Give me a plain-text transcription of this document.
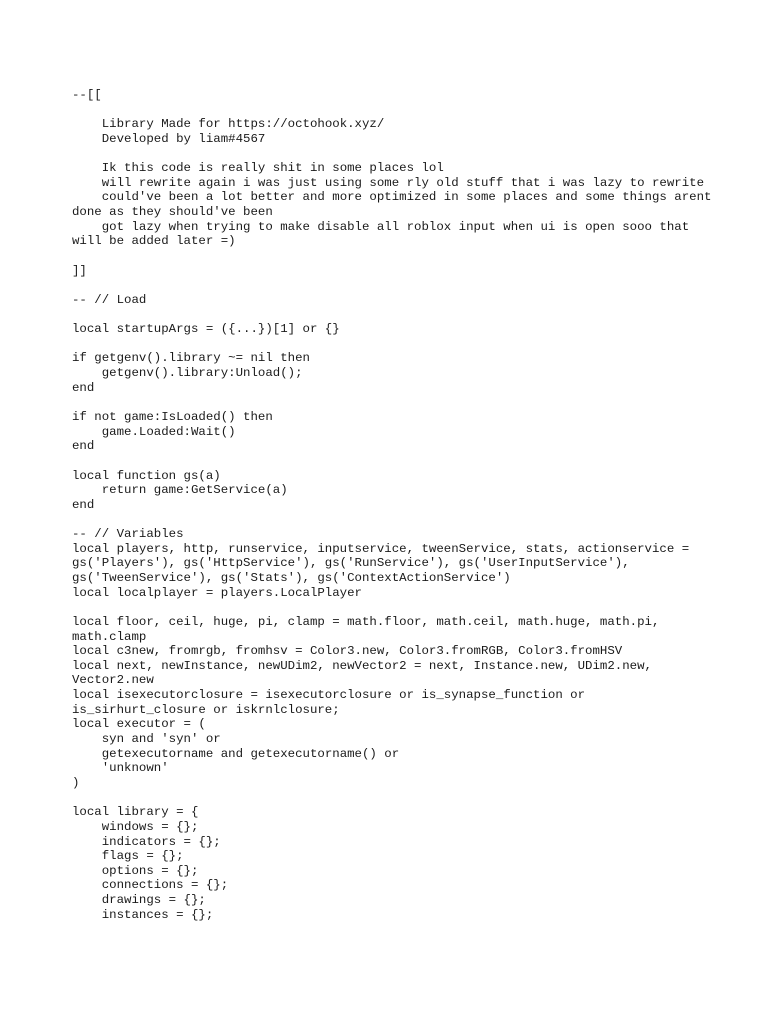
--[[
Library Made for https://octohook.xyz/
Developed by liam#4567
Ik this code is really shit in some places lol
will rewrite again i was just using some rly old stuff that i was lazy to rewrite
could've been a lot better and more optimized in some places and some things arent done as they should've been
got lazy when trying to make disable all roblox input when ui is open sooo that will be added later =)
]]
-- // Load
local startupArgs = ({...})[1] or {}
if getgenv().library ~= nil then
getgenv().library:Unload();
end
if not game:IsLoaded() then
game.Loaded:Wait()
end
local function gs(a)
return game:GetService(a)
end
-- // Variables
local players, http, runservice, inputservice, tweenService, stats, actionservice = gs('Players'), gs('HttpService'), gs('RunService'), gs('UserInputService'), gs('TweenService'), gs('Stats'), gs('ContextActionService')
local localplayer = players.LocalPlayer
local floor, ceil, huge, pi, clamp = math.floor, math.ceil, math.huge, math.pi, math.clamp
local c3new, fromrgb, fromhsv = Color3.new, Color3.fromRGB, Color3.fromHSV
local next, newInstance, newUDim2, newVector2 = next, Instance.new, UDim2.new, Vector2.new
local isexecutorclosure = isexecutorclosure or is_synapse_function or is_sirhurt_closure or iskrnlclosure;
local executor = (
syn and 'syn' or
getexecutorname and getexecutorname() or
'unknown'
)
local library = {
windows = {};
indicators = {};
flags = {};
options = {};
connections = {};
drawings = {};
instances = {};
